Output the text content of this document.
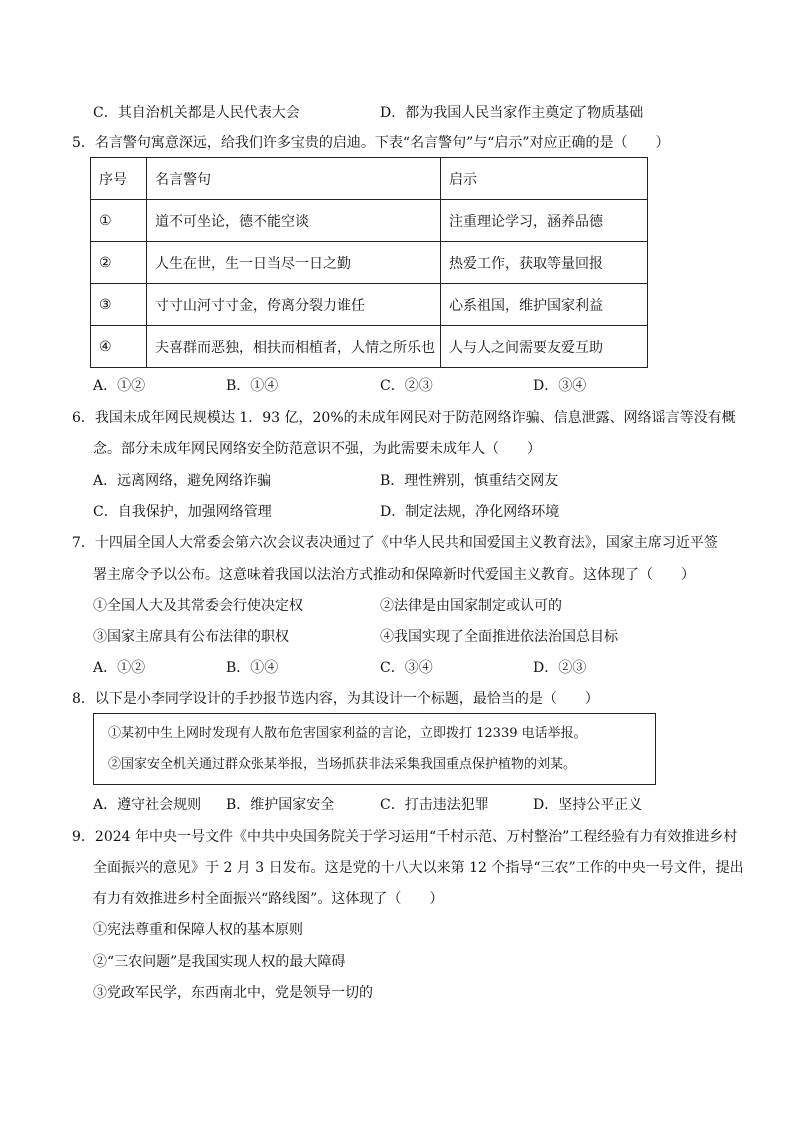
C．其自治机关都是人民代表大会	D．都为我国人民当家作主奠定了物质基础
5．名言警句寓意深远，给我们许多宝贵的启迪。下表“名言警句”与“启示”对应正确的是（　　）
序号	名言警句	启示
①	道不可坐论，德不能空谈	注重理论学习，涵养品德
②	人生在世，生一日当尽一日之勤	热爱工作，获取等量回报
③	寸寸山河寸寸金，侉离分裂力谁任	心系祖国，维护国家利益
④	夫喜群而恶独，相扶而相植者，人情之所乐也	人与人之间需要友爱互助
A．①②	B．①④	C．②③	D．③④
6．我国未成年网民规模达 1．93 亿，20%的未成年网民对于防范网络诈骗、信息泄露、网络谣言等没有概
念。部分未成年网民网络安全防范意识不强，为此需要未成年人（　　）
A．远离网络，避免网络诈骗	B．理性辨别，慎重结交网友
C．自我保护，加强网络管理	D．制定法规，净化网络环境
7．十四届全国人大常委会第六次会议表决通过了《中华人民共和国爱国主义教育法》，国家主席习近平签
署主席令予以公布。这意味着我国以法治方式推动和保障新时代爱国主义教育。这体现了（　　）
①全国人大及其常委会行使决定权	②法律是由国家制定或认可的
③国家主席具有公布法律的职权	④我国实现了全面推进依法治国总目标
A．①②	B．①④	C．③④	D．②③
8．以下是小李同学设计的手抄报节选内容，为其设计一个标题，最恰当的是（　　）
①某初中生上网时发现有人散布危害国家利益的言论，立即拨打 12339 电话举报。
②国家安全机关通过群众张某举报，当场抓获非法采集我国重点保护植物的刘某。
A．遵守社会规则 B．维护国家安全	C．打击违法犯罪	D．坚持公平正义
9．2024 年中央一号文件《中共中央国务院关于学习运用“千村示范、万村整治”工程经验有力有效推进乡村
全面振兴的意见》于 2 月 3 日发布。这是党的十八大以来第 12 个指导“三农”工作的中央一号文件，提出
有力有效推进乡村全面振兴“路线图”。这体现了（　　）
①宪法尊重和保障人权的基本原则
②“三农问题”是我国实现人权的最大障碍
③党政军民学，东西南北中，党是领导一切的
